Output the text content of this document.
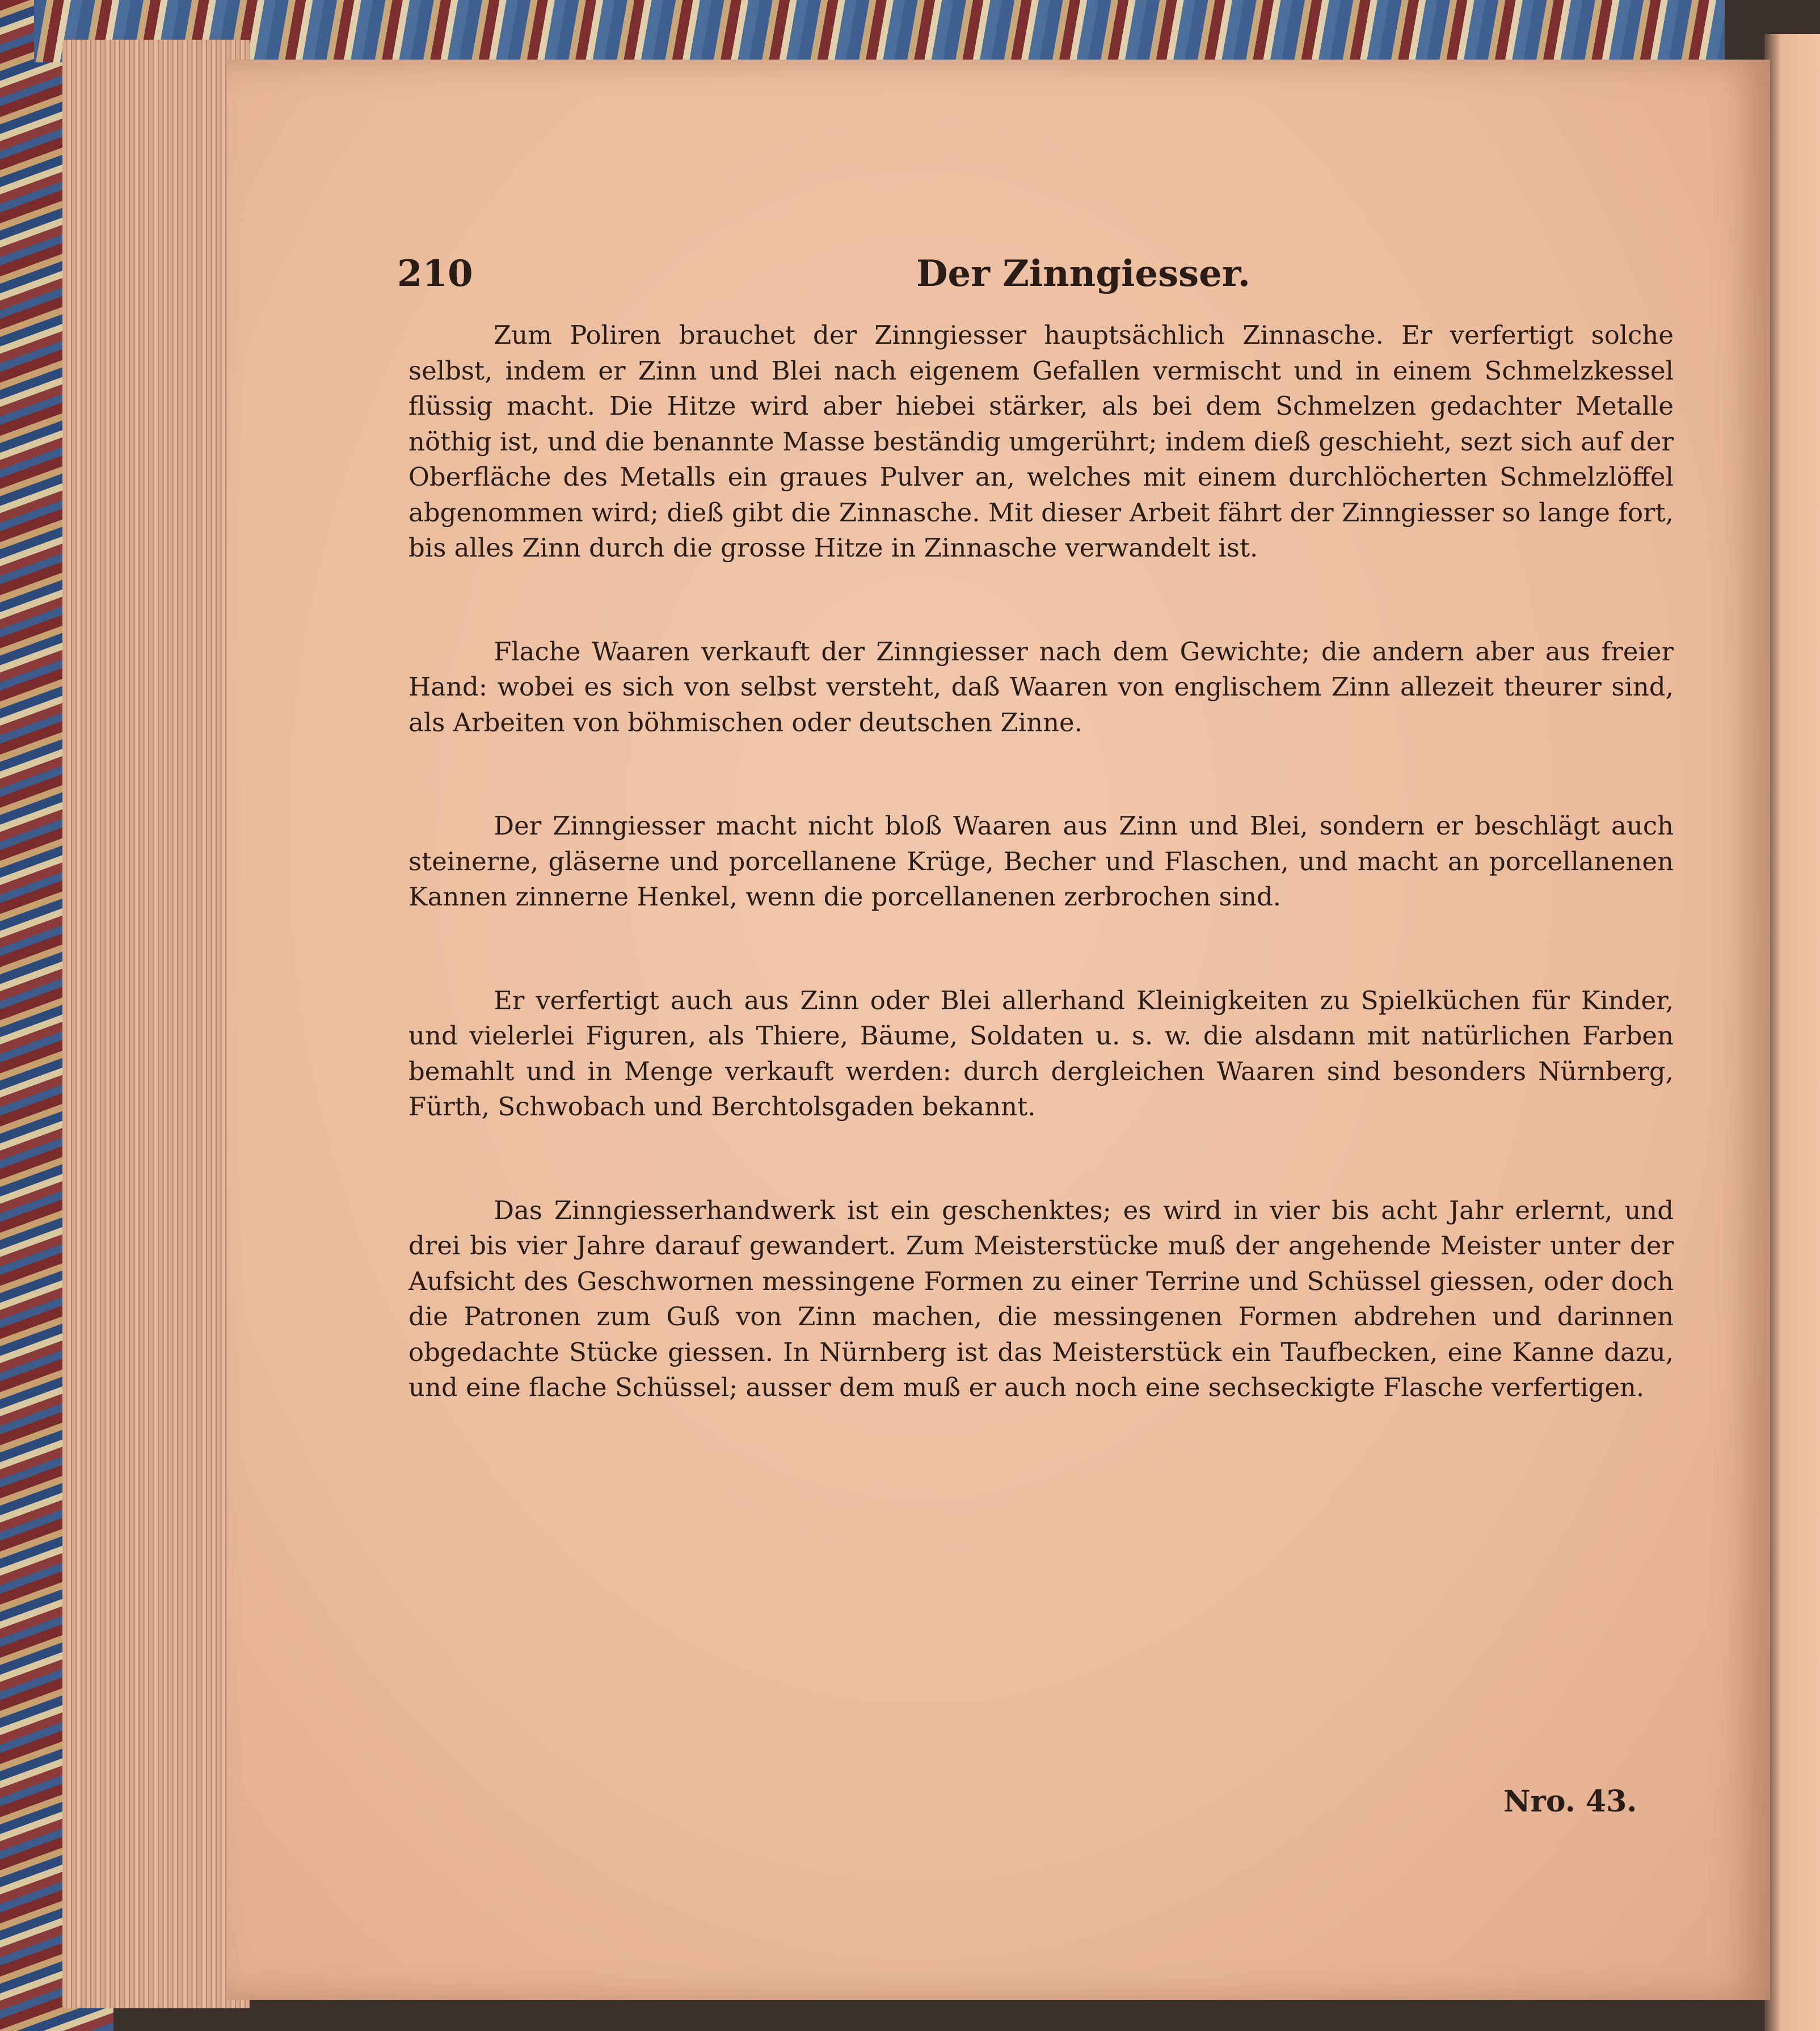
210	Der Zinngiesser.

Zum Poliren brauchet der Zinngiesser hauptsächlich Zinnasche. Er verfertigt solche selbst, indem er Zinn und Blei nach eigenem Gefallen vermischt und in einem Schmelzkessel flüssig macht. Die Hitze wird aber hiebei stärker, als bei dem Schmelzen gedachter Metalle nöthig ist, und die benannte Masse beständig umgerührt; indem dieß geschieht, sezt sich auf der Oberfläche des Metalls ein graues Pulver an, welches mit einem durchlöcherten Schmelzlöffel abgenommen wird; dieß gibt die Zinnasche. Mit dieser Arbeit fährt der Zinngiesser so lange fort, bis alles Zinn durch die grosse Hitze in Zinnasche verwandelt ist.

Flache Waaren verkauft der Zinngiesser nach dem Gewichte; die andern aber aus freier Hand: wobei es sich von selbst versteht, daß Waaren von englischem Zinn allezeit theurer sind, als Arbeiten von böhmischen oder deutschen Zinne.

Der Zinngiesser macht nicht bloß Waaren aus Zinn und Blei, sondern er beschlägt auch steinerne, gläserne und porcellanene Krüge, Becher und Flaschen, und macht an porcellanenen Kannen zinnerne Henkel, wenn die porcellanenen zerbrochen sind.

Er verfertigt auch aus Zinn oder Blei allerhand Kleinigkeiten zu Spielküchen für Kinder, und vielerlei Figuren, als Thiere, Bäume, Soldaten u. s. w. die alsdann mit natürlichen Farben bemahlt und in Menge verkauft werden: durch dergleichen Waaren sind besonders Nürnberg, Fürth, Schwobach und Berchtolsgaden bekannt.

Das Zinngiesserhandwerk ist ein geschenktes; es wird in vier bis acht Jahr erlernt, und drei bis vier Jahre darauf gewandert. Zum Meisterstücke muß der angehende Meister unter der Aufsicht des Geschwornen messingene Formen zu einer Terrine und Schüssel giessen, oder doch die Patronen zum Guß von Zinn machen, die messingenen Formen abdrehen und darinnen obgedachte Stücke giessen. In Nürnberg ist das Meisterstück ein Taufbecken, eine Kanne dazu, und eine flache Schüssel; ausser dem muß er auch noch eine sechseckigte Flasche verfertigen.

Nro. 43.
